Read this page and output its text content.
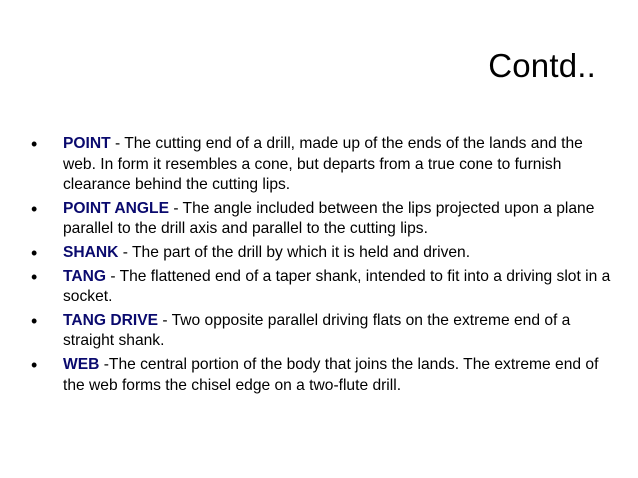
Contd..
•	POINT - The cutting end of a drill, made up of the ends of the lands and the web. In form it resembles a cone, but departs from a true cone to furnish clearance behind the cutting lips.
•	POINT ANGLE - The angle included between the lips projected upon a plane parallel to the drill axis and parallel to the cutting lips.
•	SHANK - The part of the drill by which it is held and driven.
•	TANG - The flattened end of a taper shank, intended to fit into a driving slot in a socket.
•	TANG DRIVE - Two opposite parallel driving flats on the extreme end of a straight shank.
•	WEB -The central portion of the body that joins the lands. The extreme end of the web forms the chisel edge on a two-flute drill.
